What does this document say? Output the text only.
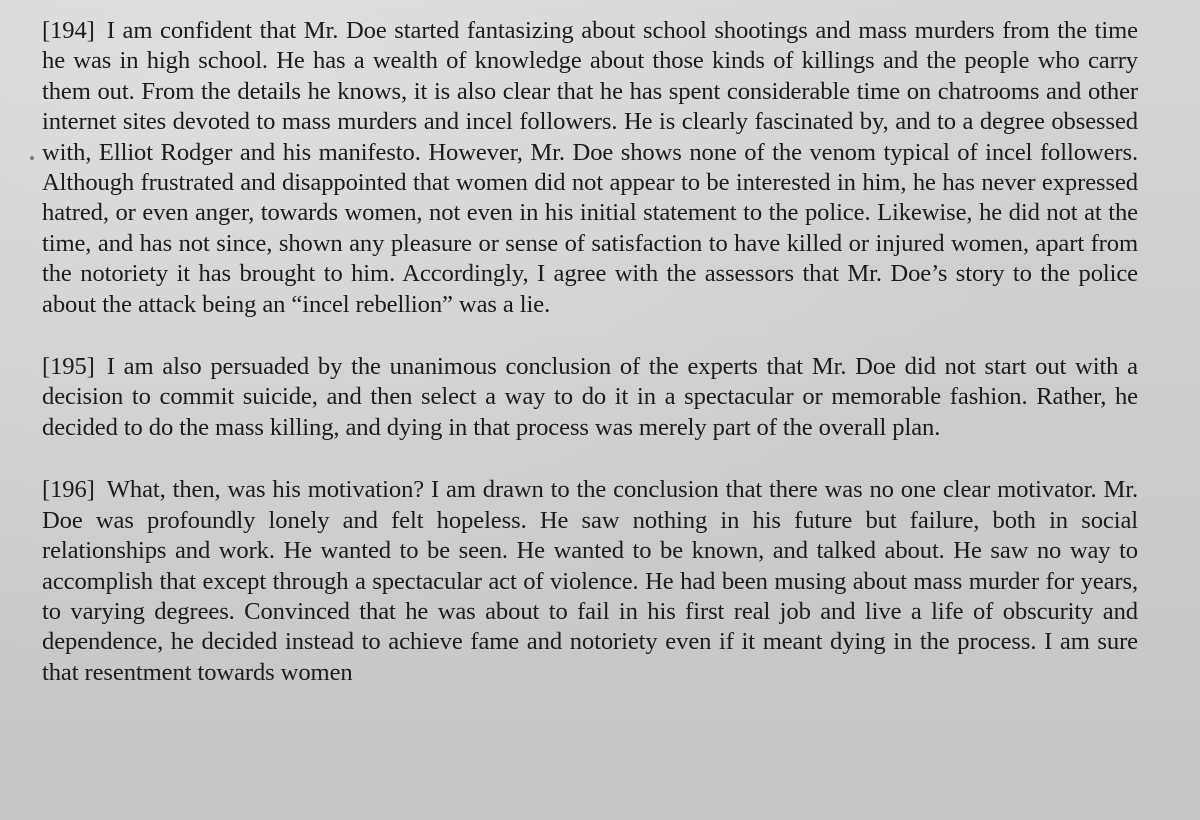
[194] I am confident that Mr. Doe started fantasizing about school shootings and mass murders from the time he was in high school. He has a wealth of knowledge about those kinds of killings and the people who carry them out. From the details he knows, it is also clear that he has spent considerable time on chatrooms and other internet sites devoted to mass murders and incel followers. He is clearly fascinated by, and to a degree obsessed with, Elliot Rodger and his manifesto. However, Mr. Doe shows none of the venom typical of incel followers. Although frustrated and disappointed that women did not appear to be interested in him, he has never expressed hatred, or even anger, towards women, not even in his initial statement to the police. Likewise, he did not at the time, and has not since, shown any pleasure or sense of satisfaction to have killed or injured women, apart from the notoriety it has brought to him. Accordingly, I agree with the assessors that Mr. Doe’s story to the police about the attack being an “incel rebellion” was a lie.

[195] I am also persuaded by the unanimous conclusion of the experts that Mr. Doe did not start out with a decision to commit suicide, and then select a way to do it in a spectacular or memorable fashion. Rather, he decided to do the mass killing, and dying in that process was merely part of the overall plan.

[196] What, then, was his motivation? I am drawn to the conclusion that there was no one clear motivator. Mr. Doe was profoundly lonely and felt hopeless. He saw nothing in his future but failure, both in social relationships and work. He wanted to be seen. He wanted to be known, and talked about. He saw no way to accomplish that except through a spectacular act of violence. He had been musing about mass murder for years, to varying degrees. Convinced that he was about to fail in his first real job and live a life of obscurity and dependence, he decided instead to achieve fame and notoriety even if it meant dying in the process. I am sure that resentment towards women
